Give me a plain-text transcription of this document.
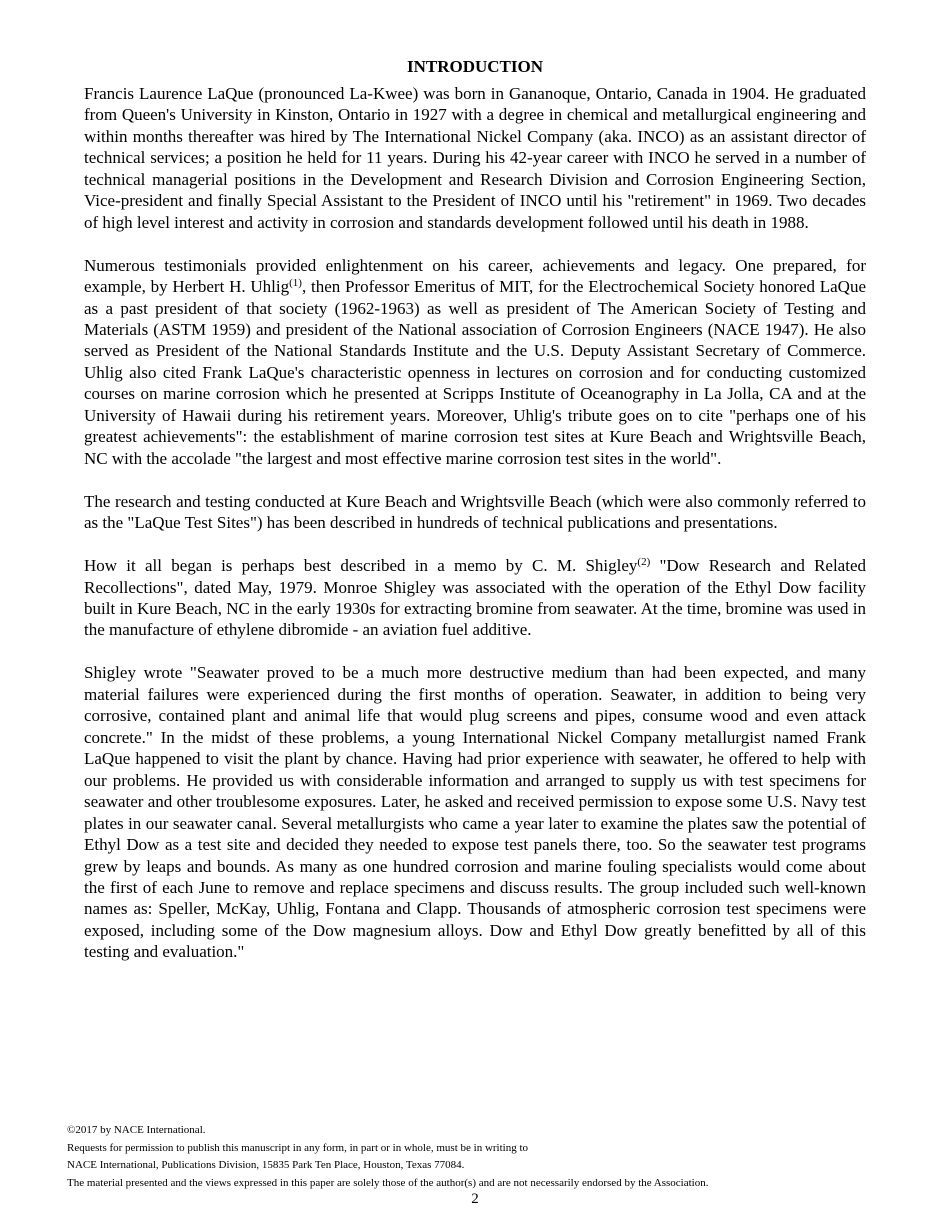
INTRODUCTION

Francis Laurence LaQue (pronounced La-Kwee) was born in Gananoque, Ontario, Canada in 1904. He graduated from Queen's University in Kinston, Ontario in 1927 with a degree in chemical and metallurgical engineering and within months thereafter was hired by The International Nickel Company (aka. INCO) as an assistant director of technical services; a position he held for 11 years. During his 42-year career with INCO he served in a number of technical managerial positions in the Development and Research Division and Corrosion Engineering Section, Vice-president and finally Special Assistant to the President of INCO until his "retirement" in 1969. Two decades of high level interest and activity in corrosion and standards development followed until his death in 1988.

Numerous testimonials provided enlightenment on his career, achievements and legacy. One prepared, for example, by Herbert H. Uhlig$^{(1)}$, then Professor Emeritus of MIT, for the Electrochemical Society honored LaQue as a past president of that society (1962-1963) as well as president of The American Society of Testing and Materials (ASTM 1959) and president of the National association of Corrosion Engineers (NACE 1947). He also served as President of the National Standards Institute and the U.S. Deputy Assistant Secretary of Commerce. Uhlig also cited Frank LaQue's characteristic openness in lectures on corrosion and for conducting customized courses on marine corrosion which he presented at Scripps Institute of Oceanography in La Jolla, CA and at the University of Hawaii during his retirement years. Moreover, Uhlig's tribute goes on to cite "perhaps one of his greatest achievements": the establishment of marine corrosion test sites at Kure Beach and Wrightsville Beach, NC with the accolade "the largest and most effective marine corrosion test sites in the world".

The research and testing conducted at Kure Beach and Wrightsville Beach (which were also commonly referred to as the "LaQue Test Sites") has been described in hundreds of technical publications and presentations.

How it all began is perhaps best described in a memo by C. M. Shigley$^{(2)}$ "Dow Research and Related Recollections", dated May, 1979. Monroe Shigley was associated with the operation of the Ethyl Dow facility built in Kure Beach, NC in the early 1930s for extracting bromine from seawater. At the time, bromine was used in the manufacture of ethylene dibromide - an aviation fuel additive.

Shigley wrote "Seawater proved to be a much more destructive medium than had been expected, and many material failures were experienced during the first months of operation. Seawater, in addition to being very corrosive, contained plant and animal life that would plug screens and pipes, consume wood and even attack concrete." In the midst of these problems, a young International Nickel Company metallurgist named Frank LaQue happened to visit the plant by chance. Having had prior experience with seawater, he offered to help with our problems. He provided us with considerable information and arranged to supply us with test specimens for seawater and other troublesome exposures. Later, he asked and received permission to expose some U.S. Navy test plates in our seawater canal. Several metallurgists who came a year later to examine the plates saw the potential of Ethyl Dow as a test site and decided they needed to expose test panels there, too. So the seawater test programs grew by leaps and bounds. As many as one hundred corrosion and marine fouling specialists would come about the first of each June to remove and replace specimens and discuss results. The group included such well-known names as: Speller, McKay, Uhlig, Fontana and Clapp. Thousands of atmospheric corrosion test specimens were exposed, including some of the Dow magnesium alloys. Dow and Ethyl Dow greatly benefitted by all of this testing and evaluation."

©2017 by NACE International.
Requests for permission to publish this manuscript in any form, in part or in whole, must be in writing to
NACE International, Publications Division, 15835 Park Ten Place, Houston, Texas 77084.
The material presented and the views expressed in this paper are solely those of the author(s) and are not necessarily endorsed by the Association.
2
